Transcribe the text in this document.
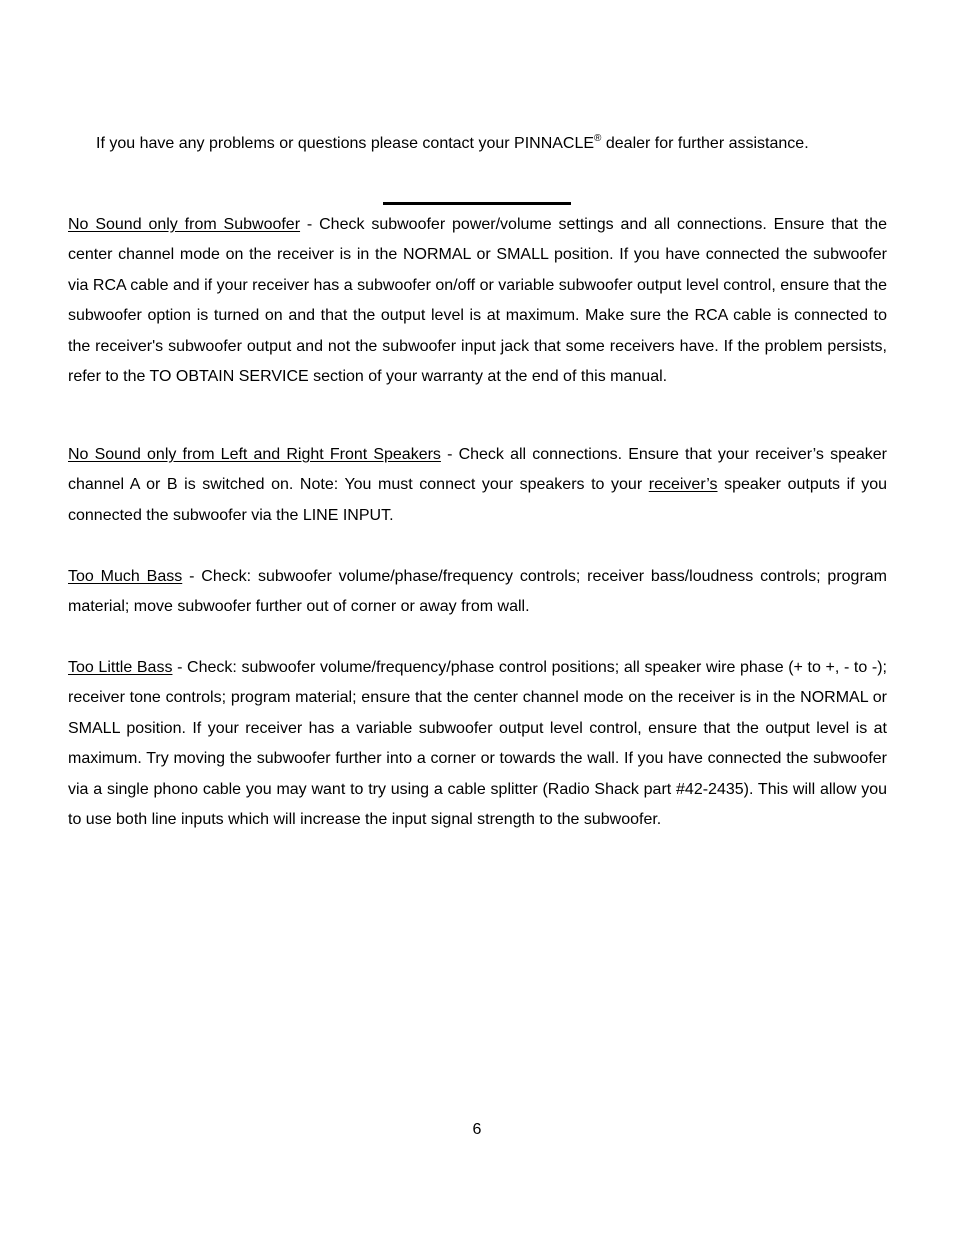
If you have any problems or questions please contact your PINNACLE® dealer for further assistance.

No Sound only from Subwoofer - Check subwoofer power/volume settings and all connections. Ensure that the center channel mode on the receiver is in the NORMAL or SMALL position. If you have connected the subwoofer via RCA cable and if your receiver has a subwoofer on/off or variable subwoofer output level control, ensure that the subwoofer option is turned on and that the output level is at maximum. Make sure the RCA cable is connected to the receiver's subwoofer output and not the subwoofer input jack that some receivers have. If the problem persists, refer to the TO OBTAIN SERVICE section of your warranty at the end of this manual.

No Sound only from Left and Right Front Speakers - Check all connections. Ensure that your receiver’s speaker channel A or B is switched on. Note: You must connect your speakers to your receiver’s speaker outputs if you connected the subwoofer via the LINE INPUT.

Too Much Bass - Check: subwoofer volume/phase/frequency controls; receiver bass/loudness controls; program material; move subwoofer further out of corner or away from wall.

Too Little Bass - Check: subwoofer volume/frequency/phase control positions; all speaker wire phase (+ to +, - to -); receiver tone controls; program material; ensure that the center channel mode on the receiver is in the NORMAL or SMALL position. If your receiver has a variable subwoofer output level control, ensure that the output level is at maximum. Try moving the subwoofer further into a corner or towards the wall. If you have connected the subwoofer via a single phono cable you may want to try using a cable splitter (Radio Shack part #42-2435). This will allow you to use both line inputs which will increase the input signal strength to the subwoofer.

6
